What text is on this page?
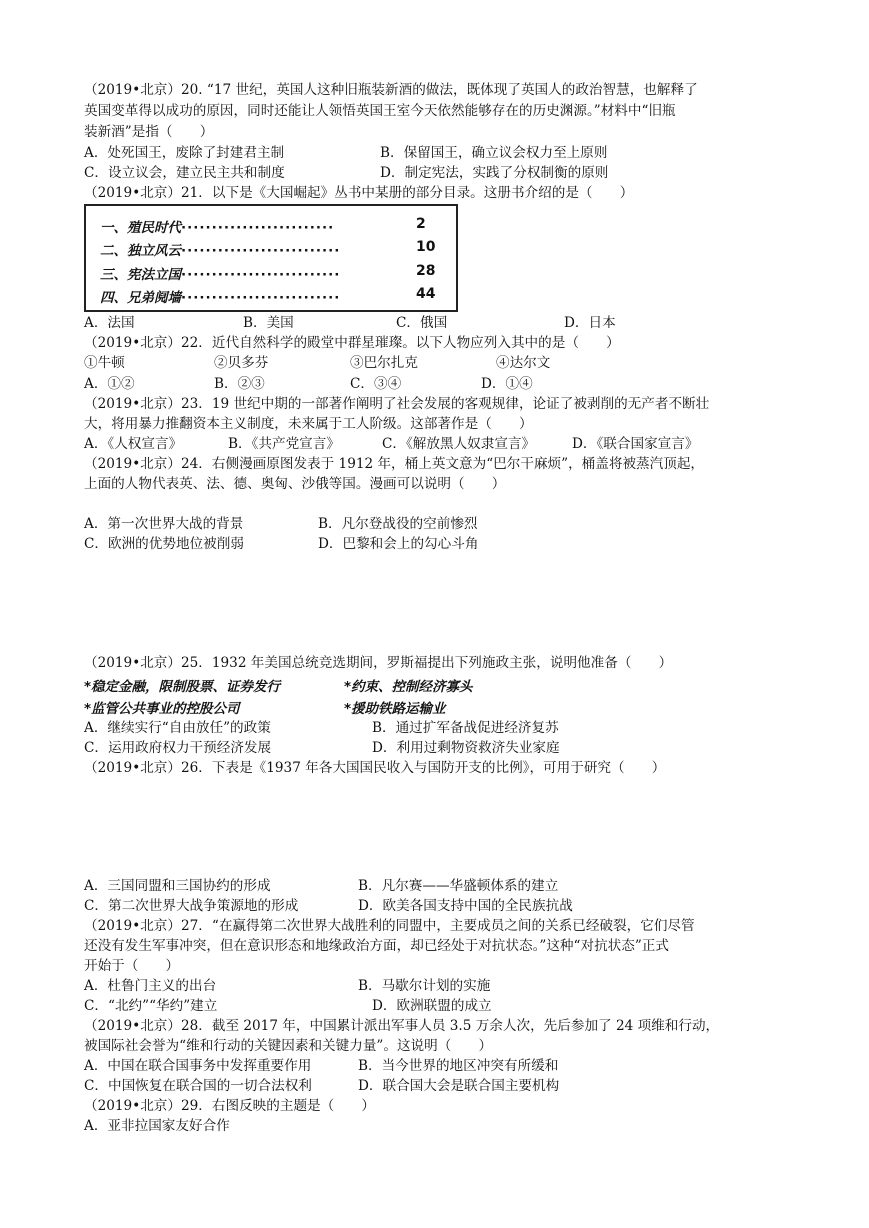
（2019•北京）20. “17 世纪，英国人这种旧瓶装新酒的做法，既体现了英国人的政治智慧，也解释了
英国变革得以成功的原因，同时还能让人领悟英国王室今天依然能够存在的历史渊源。”材料中“旧瓶
装新酒”是指（　　）
A．处死国王，废除了封建君主制	B．保留国王，确立议会权力至上原则
C．设立议会，建立民主共和制度	D．制定宪法，实践了分权制衡的原则
（2019•北京）21．以下是《大国崛起》丛书中某册的部分目录。这册书介绍的是（　　）
一、殖民时代·························	2
二、独立风云··························	10
三、宪法立国··························	28
四、兄弟阋墙··························	44
A．法国	B．美国	C．俄国	D．日本
（2019•北京）22．近代自然科学的殿堂中群星璀璨。以下人物应列入其中的是（　　）
①牛顿	②贝多芬	③巴尔扎克	④达尔文
A．①②	B．②③	C．③④	D．①④
（2019•北京）23．19 世纪中期的一部著作阐明了社会发展的客观规律，论证了被剥削的无产者不断壮
大，将用暴力推翻资本主义制度，未来属于工人阶级。这部著作是（　　）
A．《人权宣言》	B．《共产党宣言》	C．《解放黑人奴隶宣言》	D．《联合国家宣言》
（2019•北京）24．右侧漫画原图发表于 1912 年，桶上英文意为“巴尔干麻烦”，桶盖将被蒸汽顶起，
上面的人物代表英、法、德、奥匈、沙俄等国。漫画可以说明（　　）
A．第一次世界大战的背景	B．凡尔登战役的空前惨烈
C．欧洲的优势地位被削弱	D．巴黎和会上的勾心斗角
（2019•北京）25．1932 年美国总统竞选期间，罗斯福提出下列施政主张，说明他准备（　　）
*稳定金融，限制股票、证券发行	*约束、控制经济寡头
*监管公共事业的控股公司	*援助铁路运输业
A．继续实行“自由放任”的政策	B．通过扩军备战促进经济复苏
C．运用政府权力干预经济发展	D．利用过剩物资救济失业家庭
（2019•北京）26．下表是《1937 年各大国国民收入与国防开支的比例》，可用于研究（　　）
A．三国同盟和三国协约的形成	B．凡尔赛——华盛顿体系的建立
C．第二次世界大战争策源地的形成	D．欧美各国支持中国的全民族抗战
（2019•北京）27．“在赢得第二次世界大战胜利的同盟中，主要成员之间的关系已经破裂，它们尽管
还没有发生军事冲突，但在意识形态和地缘政治方面，却已经处于对抗状态。”这种“对抗状态”正式
开始于（　　）
A．杜鲁门主义的出台	B．马歇尔计划的实施
C．“北约”“华约”建立	D．欧洲联盟的成立
（2019•北京）28．截至 2017 年，中国累计派出军事人员 3.5 万余人次，先后参加了 24 项维和行动，
被国际社会誉为“维和行动的关键因素和关键力量”。这说明（　　）
A．中国在联合国事务中发挥重要作用	B．当今世界的地区冲突有所缓和
C．中国恢复在联合国的一切合法权利	D．联合国大会是联合国主要机构
（2019•北京）29．右图反映的主题是（　　）
A．亚非拉国家友好合作
